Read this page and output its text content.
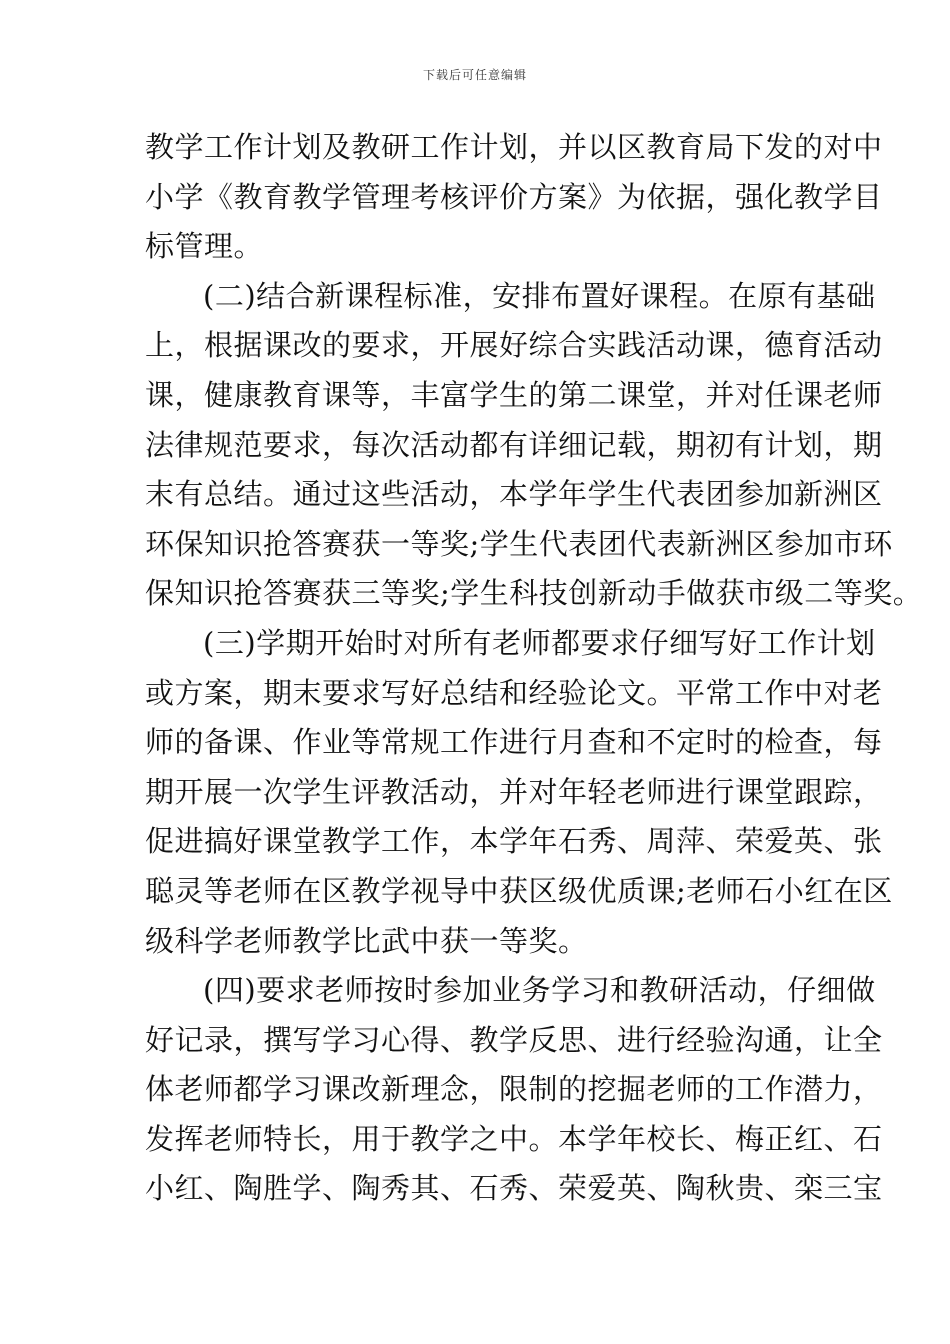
下载后可任意编辑
教学工作计划及教研工作计划，并以区教育局下发的对中
小学《教育教学管理考核评价方案》为依据，强化教学目
标管理。
(二)结合新课程标准，安排布置好课程。在原有基础
上，根据课改的要求，开展好综合实践活动课，德育活动
课，健康教育课等，丰富学生的第二课堂，并对任课老师
法律规范要求，每次活动都有详细记载，期初有计划，期
末有总结。通过这些活动，本学年学生代表团参加新洲区
环保知识抢答赛获一等奖;学生代表团代表新洲区参加市环
保知识抢答赛获三等奖;学生科技创新动手做获市级二等奖。
(三)学期开始时对所有老师都要求仔细写好工作计划
或方案，期末要求写好总结和经验论文。平常工作中对老
师的备课、作业等常规工作进行月查和不定时的检查，每
期开展一次学生评教活动，并对年轻老师进行课堂跟踪，
促进搞好课堂教学工作，本学年石秀、周萍、荣爱英、张
聪灵等老师在区教学视导中获区级优质课;老师石小红在区
级科学老师教学比武中获一等奖。
(四)要求老师按时参加业务学习和教研活动，仔细做
好记录，撰写学习心得、教学反思、进行经验沟通，让全
体老师都学习课改新理念，限制的挖掘老师的工作潜力，
发挥老师特长，用于教学之中。本学年校长、梅正红、石
小红、陶胜学、陶秀其、石秀、荣爱英、陶秋贵、栾三宝
